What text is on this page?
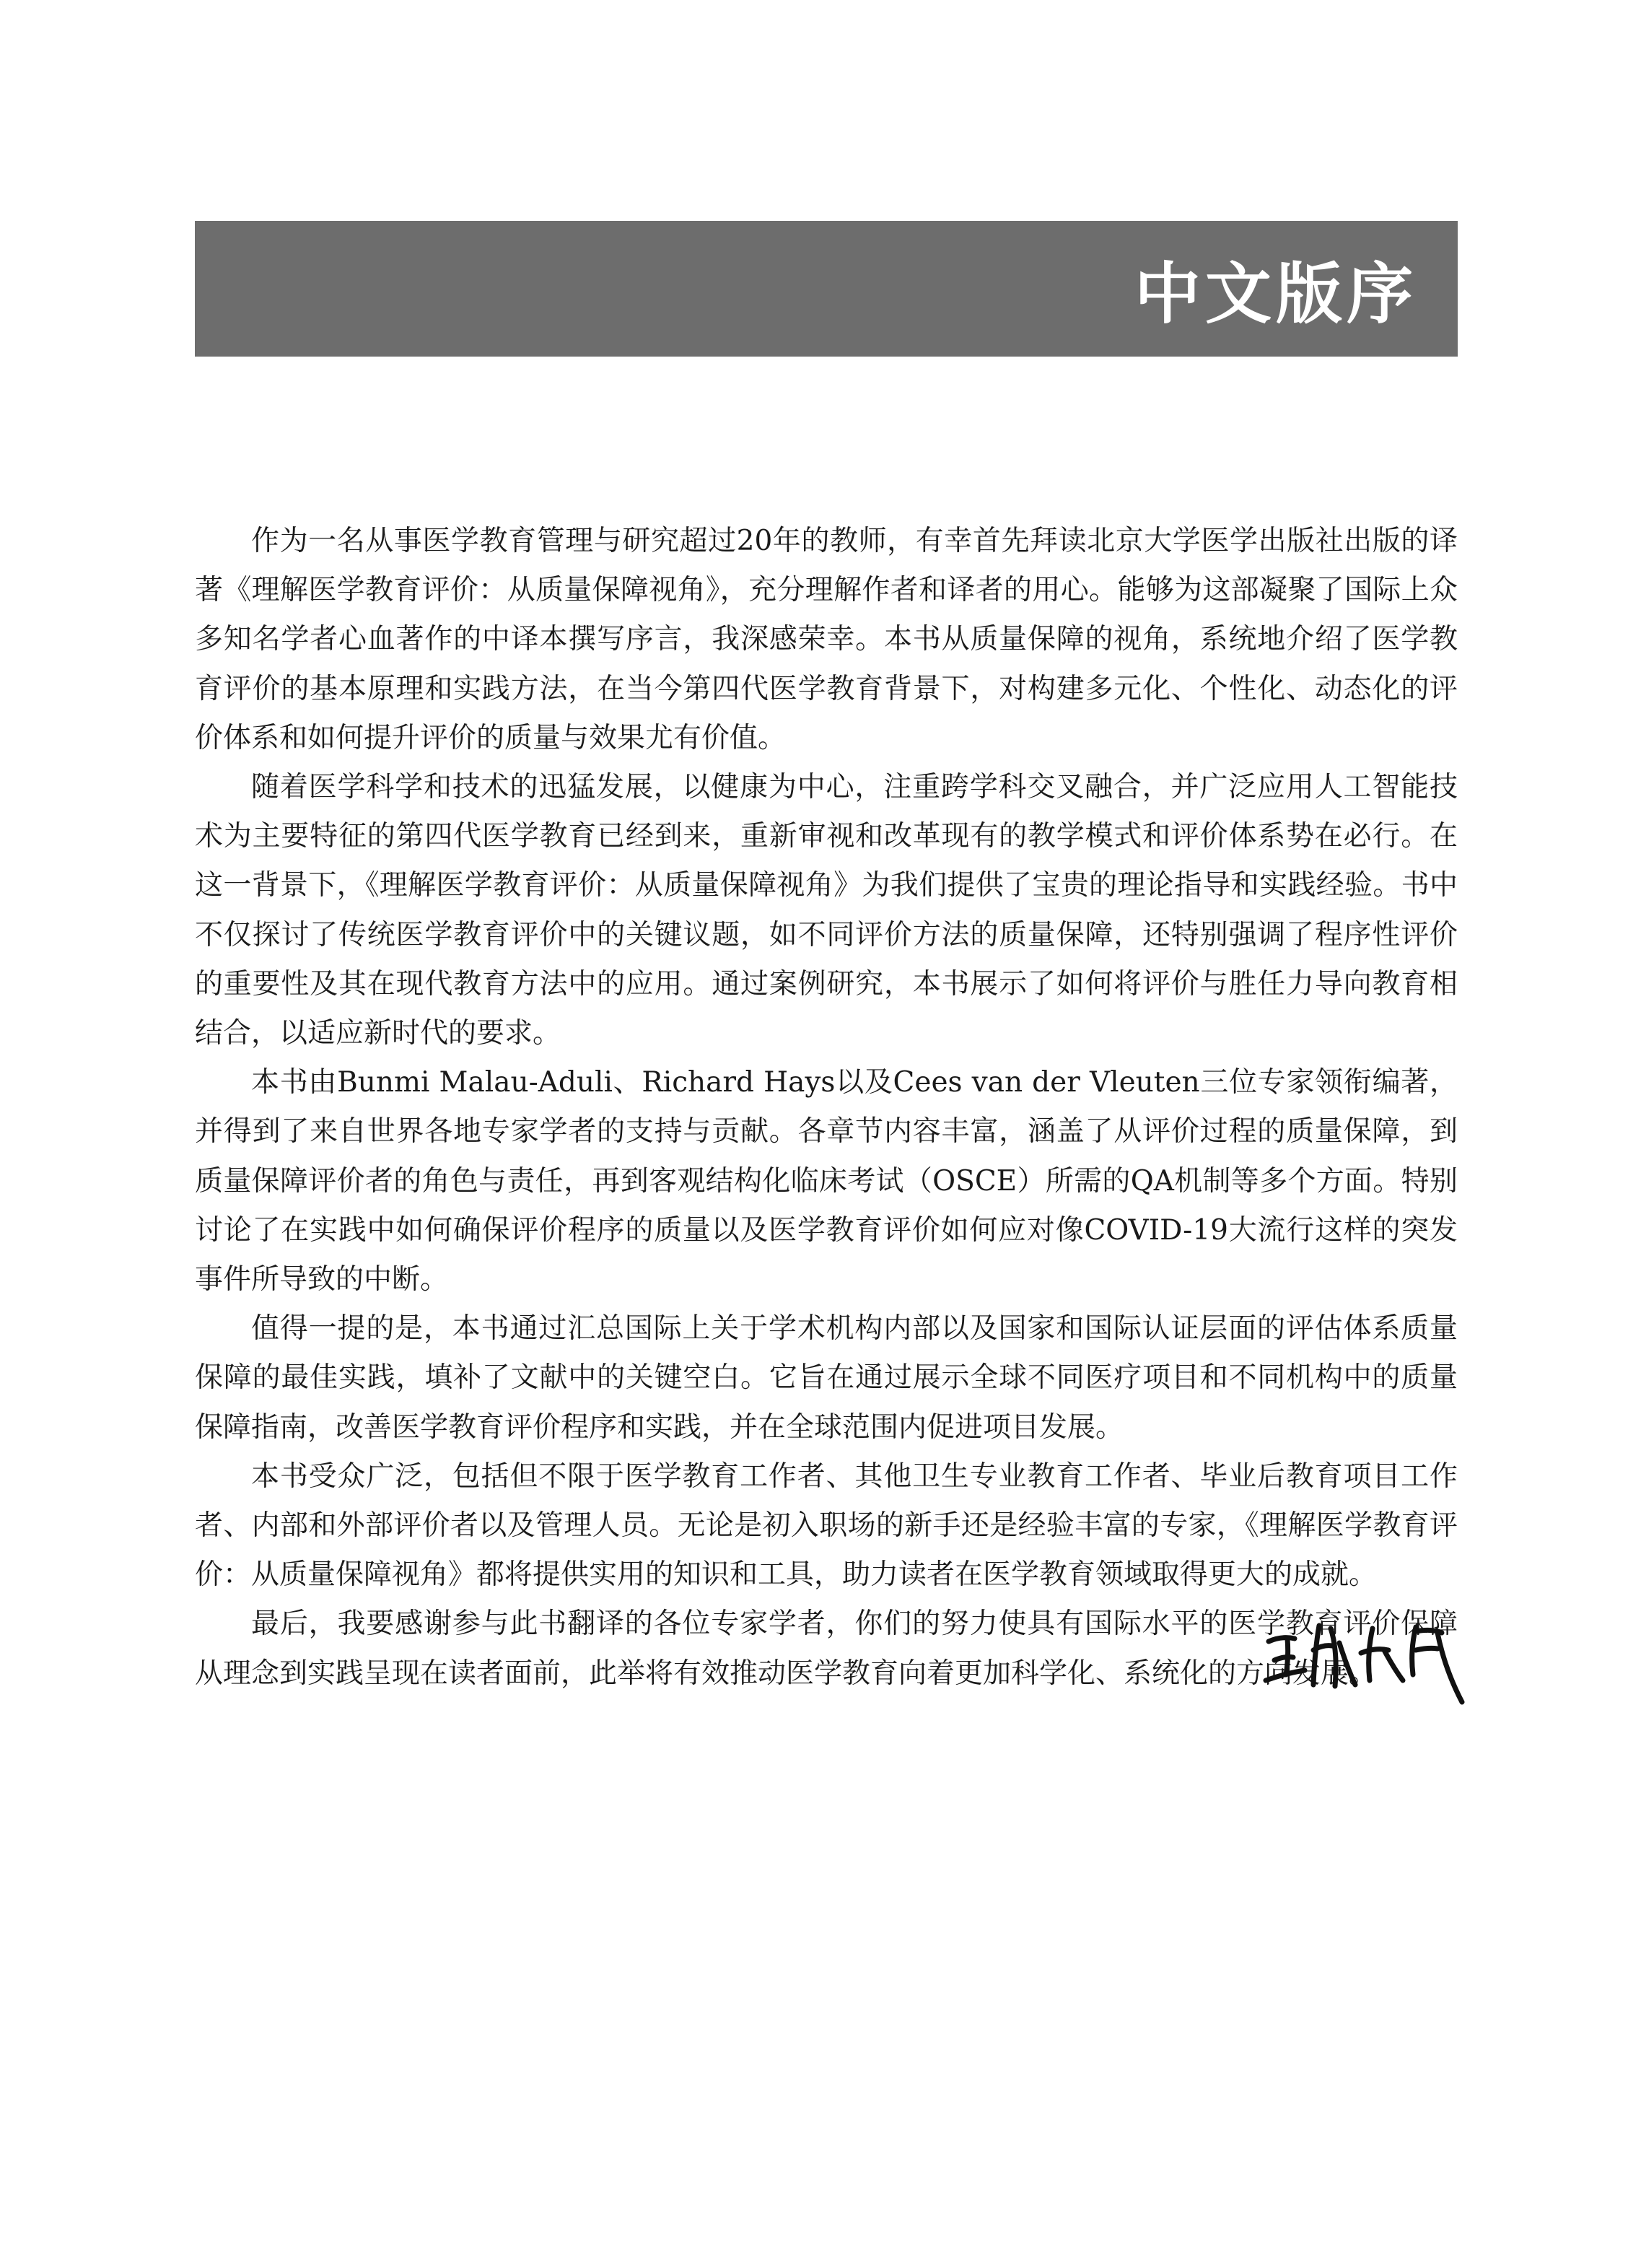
中文版序

作为一名从事医学教育管理与研究超过20年的教师，有幸首先拜读北京大学医学出版社出版的译著《理解医学教育评价：从质量保障视角》，充分理解作者和译者的用心。能够为这部凝聚了国际上众多知名学者心血著作的中译本撰写序言，我深感荣幸。本书从质量保障的视角，系统地介绍了医学教育评价的基本原理和实践方法，在当今第四代医学教育背景下，对构建多元化、个性化、动态化的评价体系和如何提升评价的质量与效果尤有价值。

随着医学科学和技术的迅猛发展，以健康为中心，注重跨学科交叉融合，并广泛应用人工智能技术为主要特征的第四代医学教育已经到来，重新审视和改革现有的教学模式和评价体系势在必行。在这一背景下，《理解医学教育评价：从质量保障视角》为我们提供了宝贵的理论指导和实践经验。书中不仅探讨了传统医学教育评价中的关键议题，如不同评价方法的质量保障，还特别强调了程序性评价的重要性及其在现代教育方法中的应用。通过案例研究，本书展示了如何将评价与胜任力导向教育相结合，以适应新时代的要求。

本书由Bunmi Malau-Aduli、Richard Hays以及Cees van der Vleuten三位专家领衔编著，并得到了来自世界各地专家学者的支持与贡献。各章节内容丰富，涵盖了从评价过程的质量保障，到质量保障评价者的角色与责任，再到客观结构化临床考试（OSCE）所需的QA机制等多个方面。特别讨论了在实践中如何确保评价程序的质量以及医学教育评价如何应对像COVID-19大流行这样的突发事件所导致的中断。

值得一提的是，本书通过汇总国际上关于学术机构内部以及国家和国际认证层面的评估体系质量保障的最佳实践，填补了文献中的关键空白。它旨在通过展示全球不同医疗项目和不同机构中的质量保障指南，改善医学教育评价程序和实践，并在全球范围内促进项目发展。

本书受众广泛，包括但不限于医学教育工作者、其他卫生专业教育工作者、毕业后教育项目工作者、内部和外部评价者以及管理人员。无论是初入职场的新手还是经验丰富的专家，《理解医学教育评价：从质量保障视角》都将提供实用的知识和工具，助力读者在医学教育领域取得更大的成就。

最后，我要感谢参与此书翻译的各位专家学者，你们的努力使具有国际水平的医学教育评价保障从理念到实践呈现在读者面前，此举将有效推动医学教育向着更加科学化、系统化的方向发展。
